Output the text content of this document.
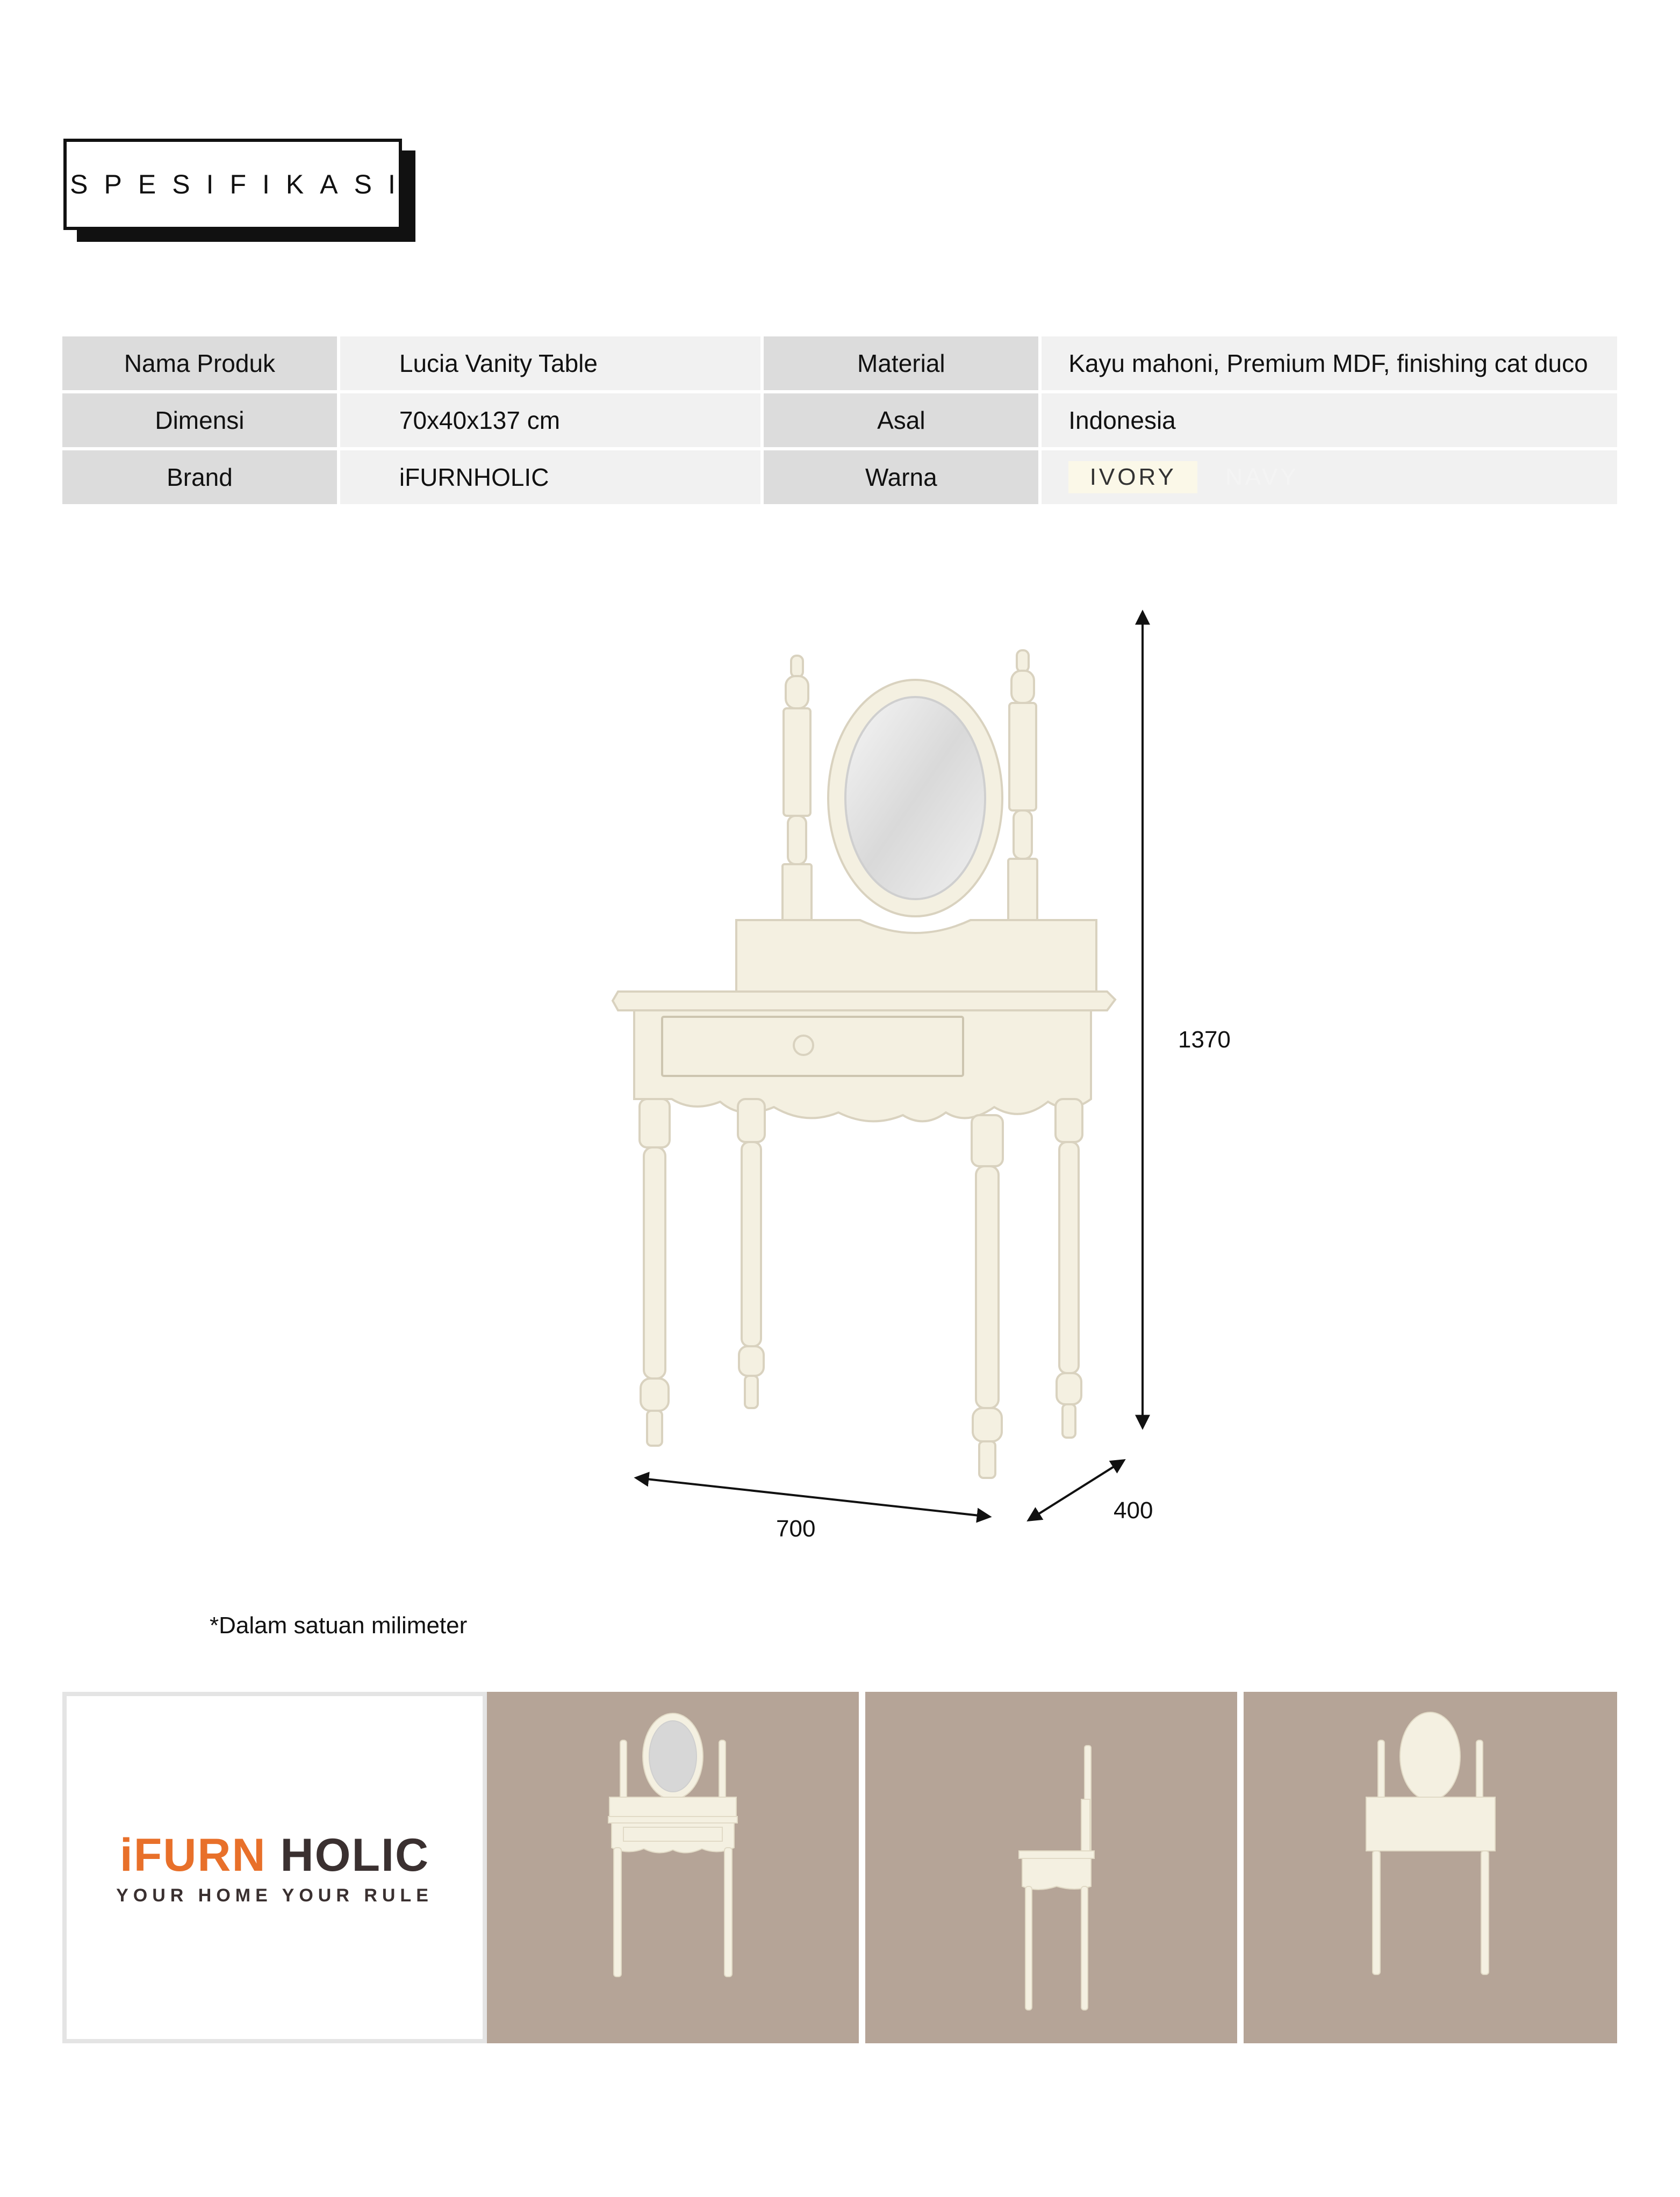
SPESIFIKASI
Nama Produk	Lucia Vanity Table	Material	Kayu mahoni, Premium MDF, finishing cat duco
Dimensi	70x40x137 cm	Asal	Indonesia
Brand	iFURNHOLIC	Warna	IVORY	NAVY
1370
700
400
*Dalam satuan milimeter
iFURN HOLIC
YOUR HOME YOUR RULE
